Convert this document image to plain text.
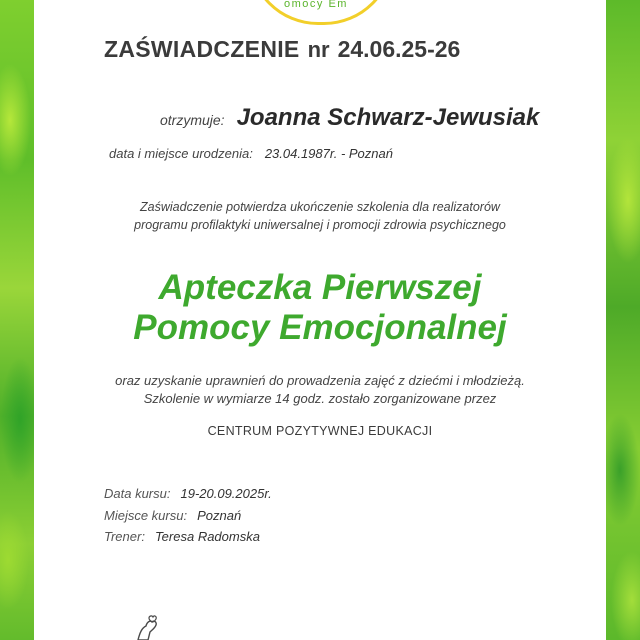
omocy Em
ZAŚWIADCZENIE nr 24.06.25-26
otrzymuje: Joanna Schwarz-Jewusiak
data i miejsce urodzenia: 23.04.1987r. - Poznań
Zaświadczenie potwierdza ukończenie szkolenia dla realizatorów
programu profilaktyki uniwersalnej i promocji zdrowia psychicznego
Apteczka Pierwszej
Pomocy Emocjonalnej
oraz uzyskanie uprawnień do prowadzenia zajęć z dziećmi i młodzieżą.
Szkolenie w wymiarze 14 godz. zostało zorganizowane przez
CENTRUM POZYTYWNEJ EDUKACJI
Data kursu: 19-20.09.2025r.
Miejsce kursu: Poznań
Trener: Teresa Radomska
